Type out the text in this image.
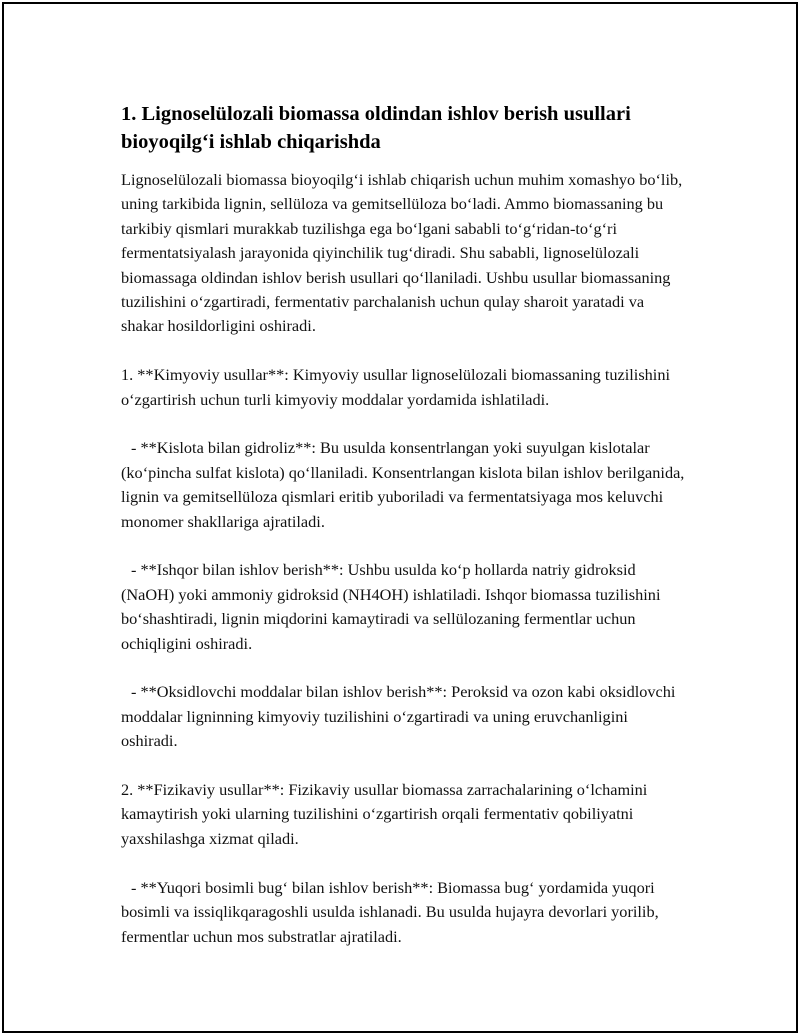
1. Lignoselülozali biomassa oldindan ishlov berish usullari bioyoqilg‘i ishlab chiqarishda

Lignoselülozali biomassa bioyoqilg‘i ishlab chiqarish uchun muhim xomashyo bo‘lib, uning tarkibida lignin, sellüloza va gemitsellüloza bo‘ladi. Ammo biomassaning bu tarkibiy qismlari murakkab tuzilishga ega bo‘lgani sababli to‘g‘ridan-to‘g‘ri fermentatsiyalash jarayonida qiyinchilik tug‘diradi. Shu sababli, lignoselülozali biomassaga oldindan ishlov berish usullari qo‘llaniladi. Ushbu usullar biomassaning tuzilishini o‘zgartiradi, fermentativ parchalanish uchun qulay sharoit yaratadi va shakar hosildorligini oshiradi.

1. **Kimyoviy usullar**: Kimyoviy usullar lignoselülozali biomassaning tuzilishini o‘zgartirish uchun turli kimyoviy moddalar yordamida ishlatiladi.

- **Kislota bilan gidroliz**: Bu usulda konsentrlangan yoki suyulgan kislotalar (ko‘pincha sulfat kislota) qo‘llaniladi. Konsentrlangan kislota bilan ishlov berilganida, lignin va gemitsellüloza qismlari eritib yuboriladi va fermentatsiyaga mos keluvchi monomer shakllariga ajratiladi.

- **Ishqor bilan ishlov berish**: Ushbu usulda ko‘p hollarda natriy gidroksid (NaOH) yoki ammoniy gidroksid (NH4OH) ishlatiladi. Ishqor biomassa tuzilishini bo‘shashtiradi, lignin miqdorini kamaytiradi va sellülozaning fermentlar uchun ochiqligini oshiradi.

- **Oksidlovchi moddalar bilan ishlov berish**: Peroksid va ozon kabi oksidlovchi moddalar ligninning kimyoviy tuzilishini o‘zgartiradi va uning eruvchanligini oshiradi.

2. **Fizikaviy usullar**: Fizikaviy usullar biomassa zarrachalarining o‘lchamini kamaytirish yoki ularning tuzilishini o‘zgartirish orqali fermentativ qobiliyatni yaxshilashga xizmat qiladi.

- **Yuqori bosimli bug‘ bilan ishlov berish**: Biomassa bug‘ yordamida yuqori bosimli va issiqlikqaragoshli usulda ishlanadi. Bu usulda hujayra devorlari yorilib, fermentlar uchun mos substratlar ajratiladi.
